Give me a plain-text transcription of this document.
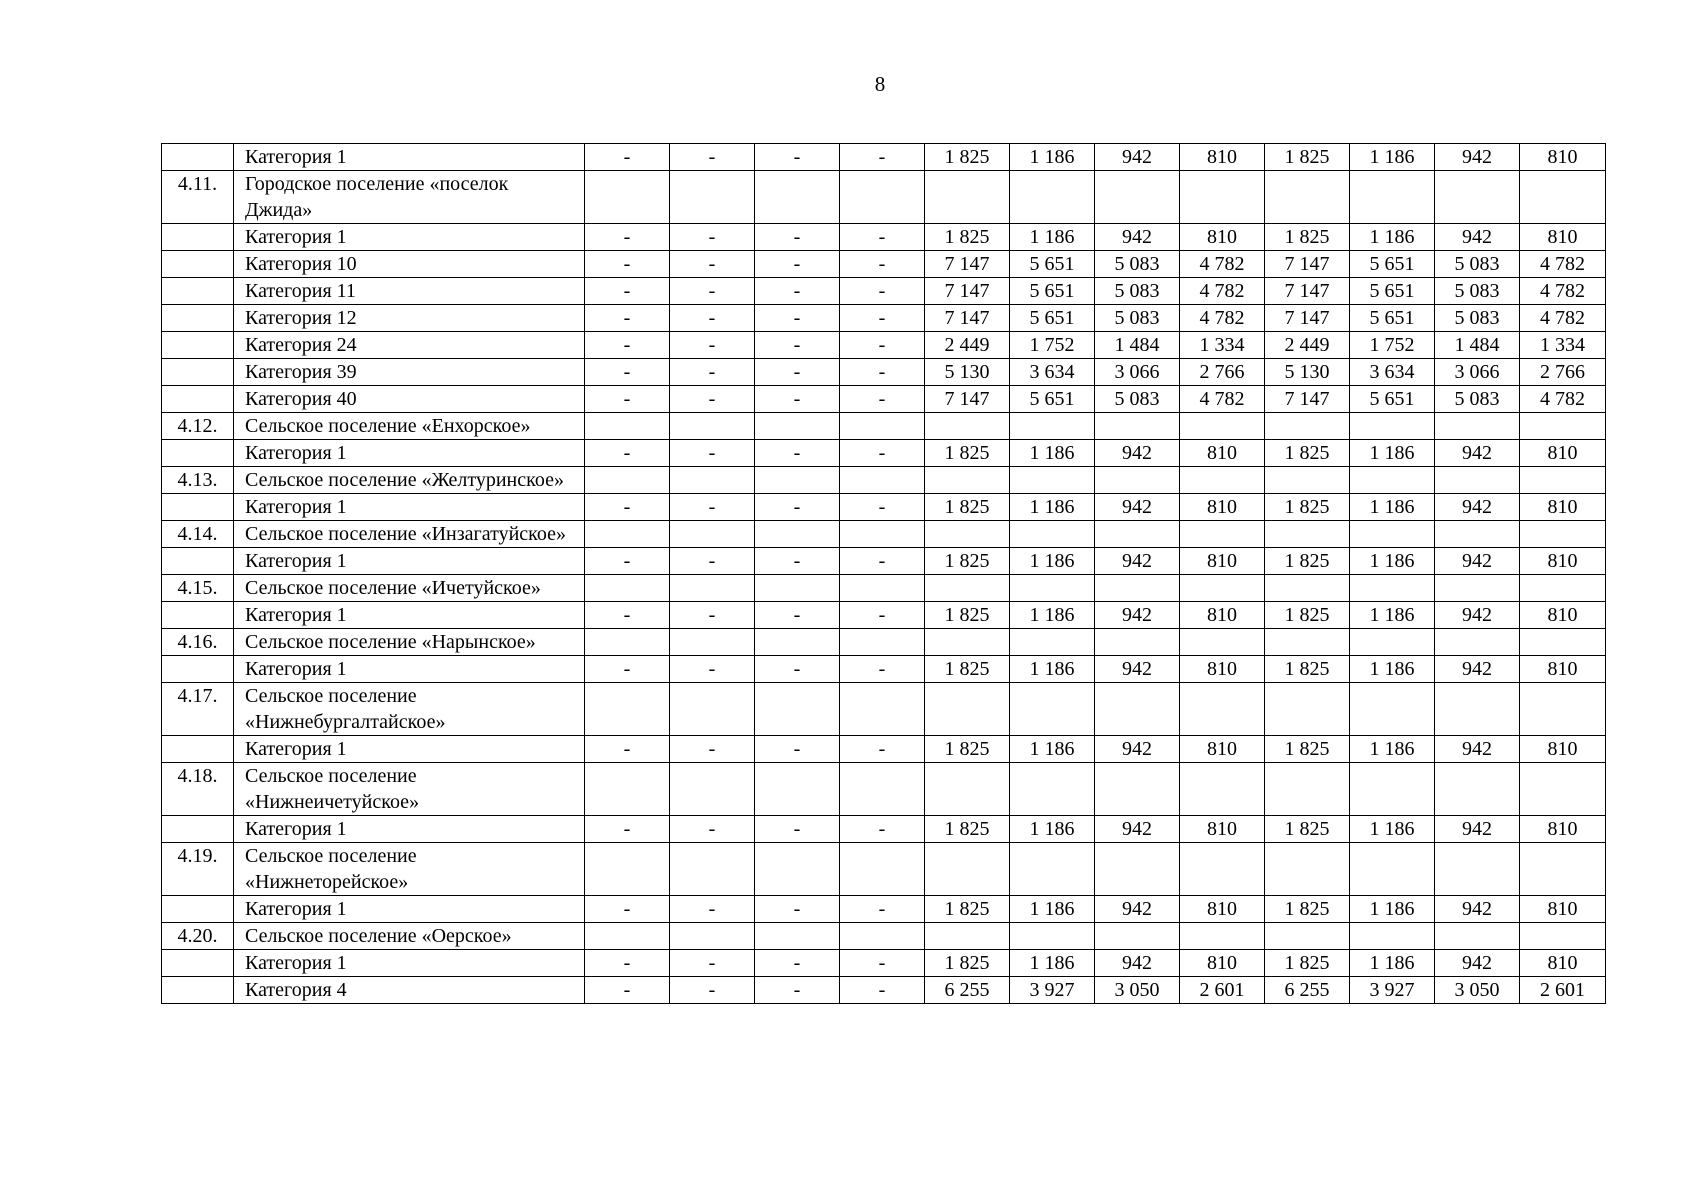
8
	Категория 1	-	-	-	-	1 825	1 186	942	810	1 825	1 186	942	810
4.11.	Городское поселение «поселок Джида»												
	Категория 1	-	-	-	-	1 825	1 186	942	810	1 825	1 186	942	810
	Категория 10	-	-	-	-	7 147	5 651	5 083	4 782	7 147	5 651	5 083	4 782
	Категория 11	-	-	-	-	7 147	5 651	5 083	4 782	7 147	5 651	5 083	4 782
	Категория 12	-	-	-	-	7 147	5 651	5 083	4 782	7 147	5 651	5 083	4 782
	Категория 24	-	-	-	-	2 449	1 752	1 484	1 334	2 449	1 752	1 484	1 334
	Категория 39	-	-	-	-	5 130	3 634	3 066	2 766	5 130	3 634	3 066	2 766
	Категория 40	-	-	-	-	7 147	5 651	5 083	4 782	7 147	5 651	5 083	4 782
4.12.	Сельское поселение «Енхорское»												
	Категория 1	-	-	-	-	1 825	1 186	942	810	1 825	1 186	942	810
4.13.	Сельское поселение «Желтуринское»												
	Категория 1	-	-	-	-	1 825	1 186	942	810	1 825	1 186	942	810
4.14.	Сельское поселение «Инзагатуйское»												
	Категория 1	-	-	-	-	1 825	1 186	942	810	1 825	1 186	942	810
4.15.	Сельское поселение «Ичетуйское»												
	Категория 1	-	-	-	-	1 825	1 186	942	810	1 825	1 186	942	810
4.16.	Сельское поселение «Нарынское»												
	Категория 1	-	-	-	-	1 825	1 186	942	810	1 825	1 186	942	810
4.17.	Сельское поселение «Нижнебургалтайское»												
	Категория 1	-	-	-	-	1 825	1 186	942	810	1 825	1 186	942	810
4.18.	Сельское поселение «Нижнеичетуйское»												
	Категория 1	-	-	-	-	1 825	1 186	942	810	1 825	1 186	942	810
4.19.	Сельское поселение «Нижнеторейское»												
	Категория 1	-	-	-	-	1 825	1 186	942	810	1 825	1 186	942	810
4.20.	Сельское поселение «Оерское»												
	Категория 1	-	-	-	-	1 825	1 186	942	810	1 825	1 186	942	810
	Категория 4	-	-	-	-	6 255	3 927	3 050	2 601	6 255	3 927	3 050	2 601
